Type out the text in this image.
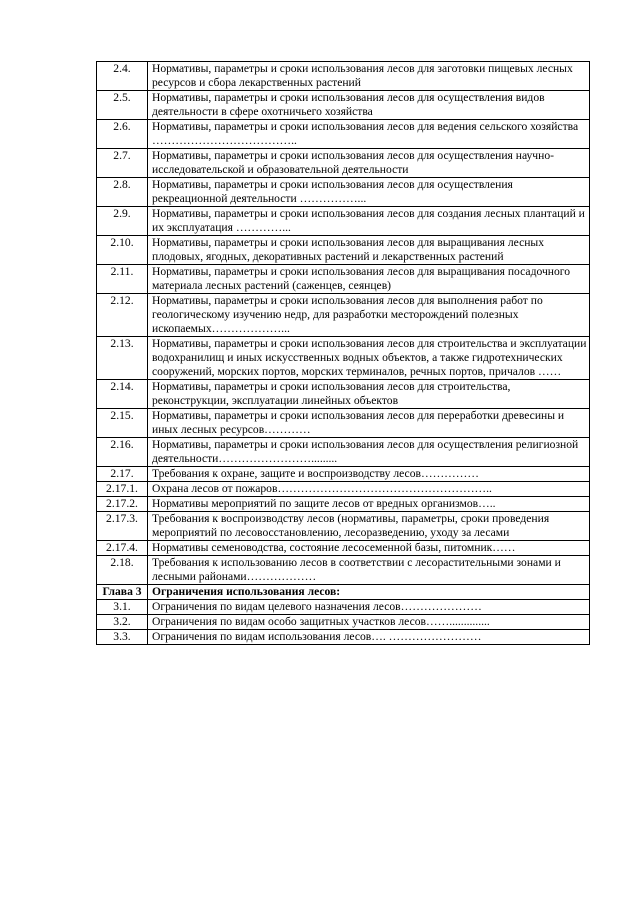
2.4.	Нормативы, параметры и сроки использования лесов для заготовки пищевых лесных ресурсов и сбора лекарственных растений
2.5.	Нормативы, параметры и сроки использования лесов для осуществления видов деятельности в сфере охотничьего хозяйства
2.6.	Нормативы, параметры и сроки использования лесов для ведения сельского хозяйства ………………………………..
2.7.	Нормативы, параметры и сроки использования лесов для осуществления научно-исследовательской и образовательной деятельности
2.8.	Нормативы, параметры и сроки использования лесов для осуществления рекреационной деятельности ……………...
2.9.	Нормативы, параметры и сроки использования лесов для создания лесных плантаций и их эксплуатация …………...
2.10.	Нормативы, параметры и сроки использования лесов для выращивания лесных плодовых, ягодных, декоративных растений и лекарственных растений
2.11.	Нормативы, параметры и сроки использования лесов для выращивания посадочного материала лесных растений (саженцев, сеянцев)
2.12.	Нормативы, параметры и сроки использования лесов для выполнения работ по геологическому изучению недр, для разработки месторождений полезных ископаемых………………...
2.13.	Нормативы, параметры и сроки использования лесов для строительства и эксплуатации водохранилищ и иных искусственных водных объектов, а также гидротехнических сооружений, морских портов, морских терминалов, речных портов, причалов ……
2.14.	Нормативы, параметры и сроки использования лесов для строительства, реконструкции, эксплуатации линейных объектов
2.15.	Нормативы, параметры и сроки использования лесов для переработки древесины и иных лесных ресурсов…………
2.16.	Нормативы, параметры и сроки использования лесов для осуществления религиозной деятельности…………………….........
2.17.	Требования к охране, защите и воспроизводству лесов……………
2.17.1.	Охрана лесов от пожаров………………………………………………..
2.17.2.	Нормативы мероприятий по защите лесов от вредных организмов…..
2.17.3.	Требования к воспроизводству лесов (нормативы, параметры, сроки проведения мероприятий по лесовосстановлению, лесоразведению, уходу за лесами
2.17.4.	Нормативы семеноводства, состояние лесосеменной базы, питомник……
2.18.	Требования к использованию лесов в соответствии с лесорастительными зонами и лесными районами………………
Глава 3	Ограничения использования лесов:
3.1.	Ограничения по видам целевого назначения лесов…………………
3.2.	Ограничения по видам особо защитных участков лесов……..............
3.3.	Ограничения по видам использования лесов…. ……………………
